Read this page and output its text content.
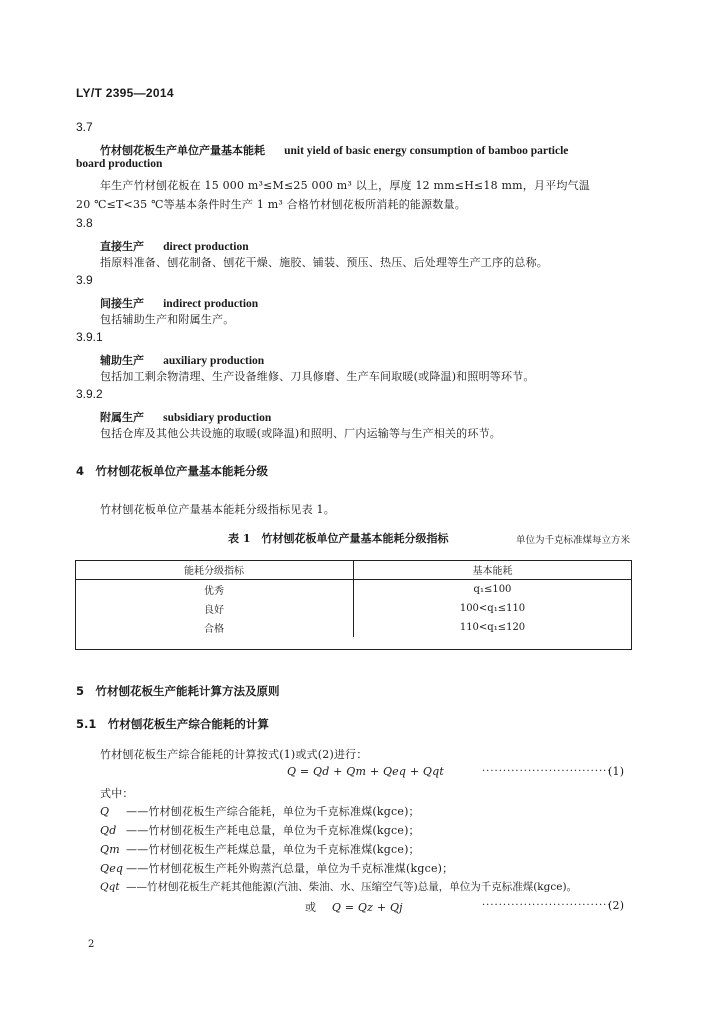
LY/T 2395—2014
3.7
竹材刨花板生产单位产量基本能耗 unit yield of basic energy consumption of bamboo particle
board production
年生产竹材刨花板在 15 000 m³≤M≤25 000 m³ 以上，厚度 12 mm≤H≤18 mm，月平均气温
20 ℃≤T<35 ℃等基本条件时生产 1 m³ 合格竹材刨花板所消耗的能源数量。
3.8
直接生产 direct production
指原料准备、刨花制备、刨花干燥、施胶、铺装、预压、热压、后处理等生产工序的总称。
3.9
间接生产 indirect production
包括辅助生产和附属生产。
3.9.1
辅助生产 auxiliary production
包括加工剩余物清理、生产设备维修、刀具修磨、生产车间取暖(或降温)和照明等环节。
3.9.2
附属生产 subsidiary production
包括仓库及其他公共设施的取暖(或降温)和照明、厂内运输等与生产相关的环节。
4　竹材刨花板单位产量基本能耗分级
竹材刨花板单位产量基本能耗分级指标见表 1。
表 1　竹材刨花板单位产量基本能耗分级指标	单位为千克标准煤每立方米
能耗分级指标	基本能耗
优秀	q₁≤100
良好	100<q₁≤110
合格	110<q₁≤120
5　竹材刨花板生产能耗计算方法及原则
5.1　竹材刨花板生产综合能耗的计算
竹材刨花板生产综合能耗的计算按式(1)或式(2)进行：
Q = Qd + Qm + Qeq + Qqt	·······························
(1)
式中：
Q ——竹材刨花板生产综合能耗，单位为千克标准煤(kgce)；
Qd ——竹材刨花板生产耗电总量，单位为千克标准煤(kgce)；
Qm ——竹材刨花板生产耗煤总量，单位为千克标准煤(kgce)；
Qeq ——竹材刨花板生产耗外购蒸汽总量，单位为千克标准煤(kgce)；
Qqt ——竹材刨花板生产耗其他能源(汽油、柴油、水、压缩空气等)总量，单位为千克标准煤(kgce)。
或 Q = Qz + Qj	·······························
(2)
2
